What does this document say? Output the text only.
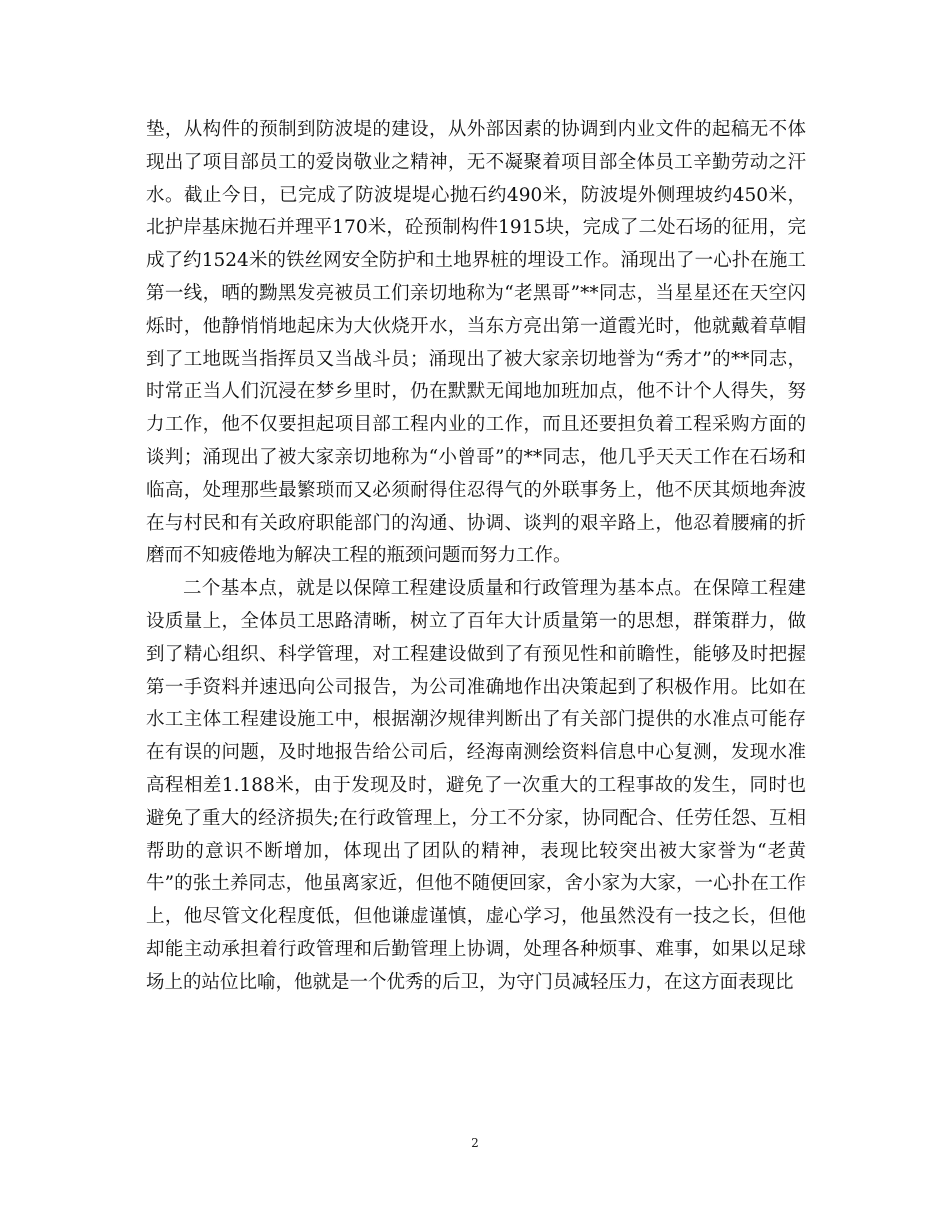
垫，从构件的预制到防波堤的建设，从外部因素的协调到内业文件的起稿无不体现出了项目部员工的爱岗敬业之精神，无不凝聚着项目部全体员工辛勤劳动之汗水。截止今日，已完成了防波堤堤心抛石约490米，防波堤外侧理坡约450米，北护岸基床抛石并理平170米，砼预制构件1915块，完成了二处石场的征用，完成了约1524米的铁丝网安全防护和土地界桩的埋设工作。涌现出了一心扑在施工第一线，晒的黝黑发亮被员工们亲切地称为“老黑哥”**同志，当星星还在天空闪烁时，他静悄悄地起床为大伙烧开水，当东方亮出第一道霞光时，他就戴着草帽到了工地既当指挥员又当战斗员；涌现出了被大家亲切地誉为“秀才”的**同志，时常正当人们沉浸在梦乡里时，仍在默默无闻地加班加点，他不计个人得失，努力工作，他不仅要担起项目部工程内业的工作，而且还要担负着工程采购方面的谈判；涌现出了被大家亲切地称为“小曾哥”的**同志，他几乎天天工作在石场和临高，处理那些最繁琐而又必须耐得住忍得气的外联事务上，他不厌其烦地奔波在与村民和有关政府职能部门的沟通、协调、谈判的艰辛路上，他忍着腰痛的折磨而不知疲倦地为解决工程的瓶颈问题而努力工作。

二个基本点，就是以保障工程建设质量和行政管理为基本点。在保障工程建设质量上，全体员工思路清晰，树立了百年大计质量第一的思想，群策群力，做到了精心组织、科学管理，对工程建设做到了有预见性和前瞻性，能够及时把握第一手资料并速迅向公司报告，为公司准确地作出决策起到了积极作用。比如在水工主体工程建设施工中，根据潮汐规律判断出了有关部门提供的水准点可能存在有误的问题，及时地报告给公司后，经海南测绘资料信息中心复测，发现水准高程相差1.188米，由于发现及时，避免了一次重大的工程事故的发生，同时也避免了重大的经济损失;在行政管理上，分工不分家，协同配合、任劳任怨、互相帮助的意识不断增加，体现出了团队的精神，表现比较突出被大家誉为“老黄牛”的张土养同志，他虽离家近，但他不随便回家，舍小家为大家，一心扑在工作上，他尽管文化程度低，但他谦虚谨慎，虚心学习，他虽然没有一技之长，但他却能主动承担着行政管理和后勤管理上协调，处理各种烦事、难事，如果以足球场上的站位比喻，他就是一个优秀的后卫，为守门员减轻压力，在这方面表现比

2
